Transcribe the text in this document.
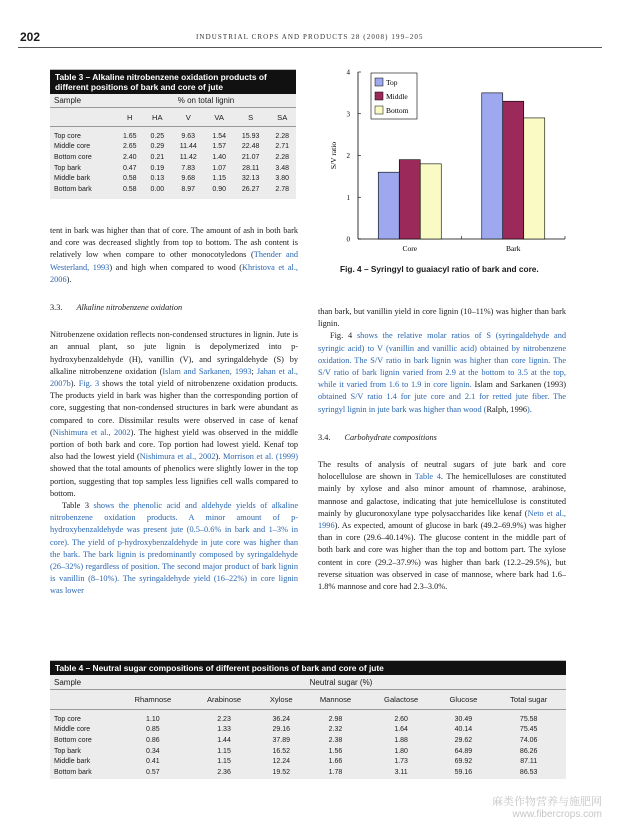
202	INDUSTRIAL CROPS AND PRODUCTS 28 (2008) 199–205
Table 3 – Alkaline nitrobenzene oxidation products of different positions of bark and core of jute
Sample	% on total lignin					
	H	HA	V	VA	S	SA

Top core	1.65	0.25	9.63	1.54	15.93	2.28
Middle core	2.65	0.29	11.44	1.57	22.48	2.71
Bottom core	2.40	0.21	11.42	1.40	21.07	2.28
Top bark	0.47	0.19	7.83	1.07	28.11	3.48
Middle bark	0.58	0.13	9.68	1.15	32.13	3.80
Bottom bark	0.58	0.00	8.97	0.90	26.27	2.78
0
1
2
3
4
S/V ratio
Core	Bark
Top
Middle
Bottom
Fig. 4 – Syringyl to guaiacyl ratio of bark and core.

tent in bark was higher than that of core. The amount of ash in both bark and core was decreased slightly from top to bottom. The ash content is relatively low when compare to other monocotyledons (Thender and Westerland, 1993) and high when compared to wood (Khristova et al., 2006).

3.3. Alkaline nitrobenzene oxidation

Nitrobenzene oxidation reflects non-condensed structures in lignin. Jute is an annual plant, so jute lignin is depolymerized into p-hydroxybenzaldehyde (H), vanillin (V), and syringaldehyde (S) by alkaline nitrobenzene oxidation (Islam and Sarkanen, 1993; Jahan et al., 2007b). Fig. 3 shows the total yield of nitrobenzene oxidation products. The products yield in bark was higher than the corresponding portion of core, suggesting that non-condensed structures in bark were abundant as compared to core. Dissimilar results were observed in case of kenaf (Nishimura et al., 2002). The highest yield was observed in the middle portion of both bark and core. Top portion had lowest yield. Kenaf top also had the lowest yield (Nishimura et al., 2002). Morrison et al. (1999) showed that the total amounts of phenolics were slightly lower in the top portion, suggesting that top samples less lignifies cell walls compared to bottom.

Table 3 shows the phenolic acid and aldehyde yields of alkaline nitrobenzene oxidation products. A minor amount of p-hydroxybenzaldehyde was present jute (0.5–0.6% in bark and 1–3% in core). The yield of p-hydroxybenzaldehyde in jute core was higher than the bark. The bark lignin is predominantly composed by syringaldehyde (26–32%) regardless of position. The second major product of bark lignin is vanillin (8–10%). The syringaldehyde yield (16–22%) in core lignin was lower

than bark, but vanillin yield in core lignin (10–11%) was higher than bark lignin.

Fig. 4 shows the relative molar ratios of S (syringaldehyde and syringic acid) to V (vanillin and vanillic acid) obtained by nitrobenzene oxidation. The S/V ratio in bark lignin was higher than core lignin. The S/V ratio of bark lignin varied from 2.9 at the bottom to 3.5 at the top, while it varied from 1.6 to 1.9 in core lignin. Islam and Sarkanen (1993) obtained S/V ratio 1.4 for jute core and 2.1 for retted jute fiber. The syringyl lignin in jute bark was higher than wood (Ralph, 1996).

3.4. Carbohydrate compositions

The results of analysis of neutral sugars of jute bark and core holocellulose are shown in Table 4. The hemicelluloses are constituted mainly by xylose and also minor amount of rhamnose, arabinose, mannose and galactose, indicating that jute hemicellulose is constituted mainly by glucuronoxylane type polysaccharides like kenaf (Neto et al., 1996). As expected, amount of glucose in bark (49.2–69.9%) was higher than in core (29.6–40.14%). The glucose content in the middle part of both bark and core was higher than the top and bottom part. The xylose content in core (29.2–37.9%) was higher than bark (12.2–29.5%), but reverse situation was observed in case of mannose, where bark had 1.6–1.8% mannose and core had 2.3–3.0%.

Table 4 – Neutral sugar compositions of different positions of bark and core of jute
Sample	Neutral sugar (%)						
	Rhamnose	Arabinose	Xylose	Mannose	Galactose	Glucose	Total sugar

Top core	1.10	2.23	36.24	2.98	2.60	30.49	75.58
Middle core	0.85	1.33	29.16	2.32	1.64	40.14	75.45
Bottom core	0.86	1.44	37.89	2.38	1.88	29.62	74.06
Top bark	0.34	1.15	16.52	1.56	1.80	64.89	86.26
Middle bark	0.41	1.15	12.24	1.66	1.73	69.92	87.11
Bottom bark	0.57	2.36	19.52	1.78	3.11	59.16	86.53
麻类作物营养与施肥网
www.fibercrops.com
